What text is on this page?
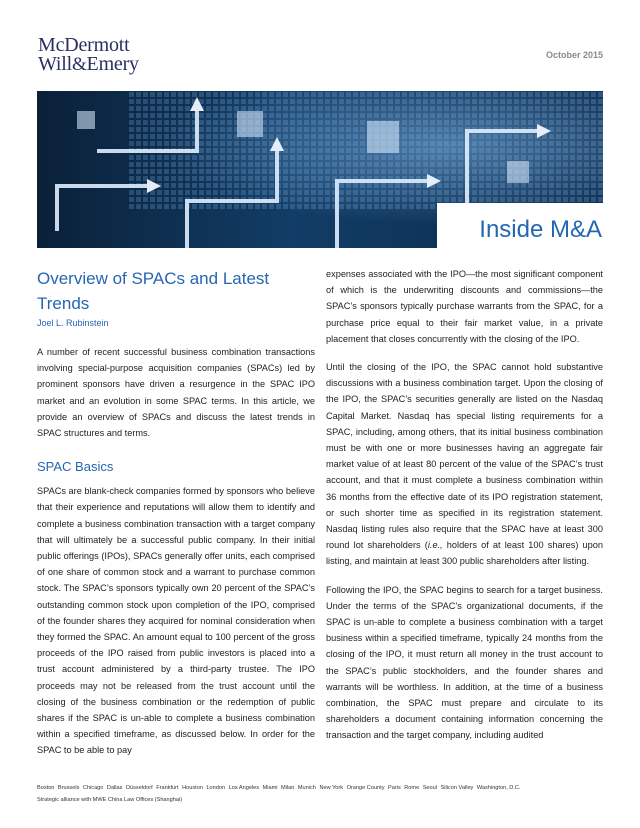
McDermott
Will&Emery	October 2015
Inside M&A
Overview of SPACs and Latest
Trends
Joel L. Rubinstein

A number of recent successful business combination transactions involving special-purpose acquisition companies (SPACs) led by prominent sponsors have driven a resurgence in the SPAC IPO market and an evolution in some SPAC terms. In this article, we provide an overview of SPACs and discuss the latest trends in SPAC structures and terms.

SPAC Basics

SPACs are blank-check companies formed by sponsors who believe that their experience and reputations will allow them to identify and complete a business combination transaction with a target company that will ultimately be a successful public company. In their initial public offerings (IPOs), SPACs generally offer units, each comprised of one share of common stock and a warrant to purchase common stock. The SPAC’s sponsors typically own 20 percent of the SPAC’s outstanding common stock upon completion of the IPO, comprised of the founder shares they acquired for nominal consideration when they formed the SPAC. An amount equal to 100 percent of the gross proceeds of the IPO raised from public investors is placed into a trust account administered by a third-party trustee. The IPO proceeds may not be released from the trust account until the closing of the business combination or the redemption of public shares if the SPAC is un-able to complete a business combination within a specified timeframe, as discussed below. In order for the SPAC to be able to pay

expenses associated with the IPO—the most significant component of which is the underwriting discounts and commissions—the SPAC’s sponsors typically purchase warrants from the SPAC, for a purchase price equal to their fair market value, in a private placement that closes concurrently with the closing of the IPO.

Until the closing of the IPO, the SPAC cannot hold substantive discussions with a business combination target. Upon the closing of the IPO, the SPAC’s securities generally are listed on the Nasdaq Capital Market. Nasdaq has special listing requirements for a SPAC, including, among others, that its initial business combination must be with one or more businesses having an aggregate fair market value of at least 80 percent of the value of the SPAC’s trust account, and that it must complete a business combination within 36 months from the effective date of its IPO registration statement, or such shorter time as specified in its registration statement. Nasdaq listing rules also require that the SPAC have at least 300 round lot shareholders (i.e., holders of at least 100 shares) upon listing, and maintain at least 300 public shareholders after listing.

Following the IPO, the SPAC begins to search for a target business. Under the terms of the SPAC’s organizational documents, if the SPAC is un-able to complete a business combination with a target business within a specified timeframe, typically 24 months from the closing of the IPO, it must return all money in the trust account to the SPAC’s public stockholders, and the founder shares and warrants will be worthless. In addition, at the time of a business combination, the SPAC must prepare and circulate to its shareholders a document containing information concerning the transaction and the target company, including audited

Boston Brussels Chicago Dallas Düsseldorf Frankfurt Houston London Los Angeles Miami Milan Munich New York Orange County Paris Rome Seoul Silicon Valley Washington, D.C.
Strategic alliance with MWE China Law Offices (Shanghai)
